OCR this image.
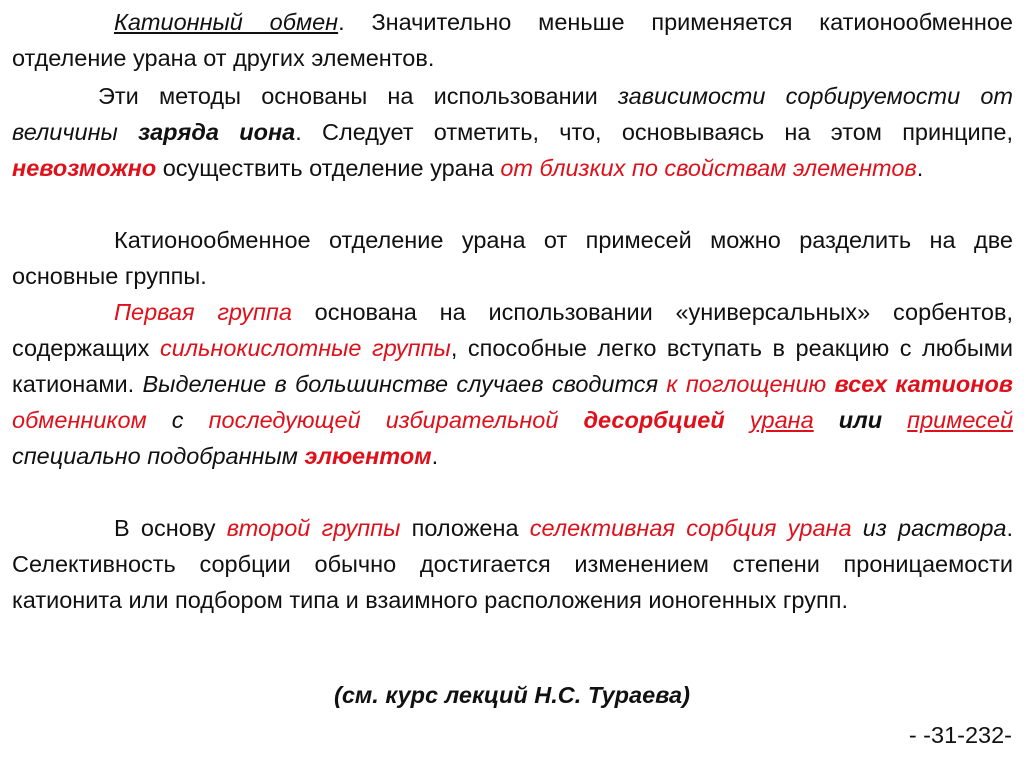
Катионный обмен. Значительно меньше применяется катионообменное отделение урана от других элементов.
Эти методы основаны на использовании зависимости сорбируемости от величины заряда иона. Следует отметить, что, основываясь на этом принципе, невозможно осуществить отделение урана от близких по свойствам элементов.
Катионообменное отделение урана от примесей можно разделить на две основные группы.
Первая группа основана на использовании «универсальных» сорбентов, содержащих сильнокислотные группы, способные легко вступать в реакцию с любыми катионами. Выделение в большинстве случаев сводится к поглощению всех катионов обменником с последующей избирательной десорбцией урана или примесей специально подобранным элюентом.
В основу второй группы положена селективная сорбция урана из раствора. Селективность сорбции обычно достигается изменением степени проницаемости катионита или подбором типа и взаимного расположения ионогенных групп.
(см. курс лекций Н.С. Тураева)
- -31-232-
